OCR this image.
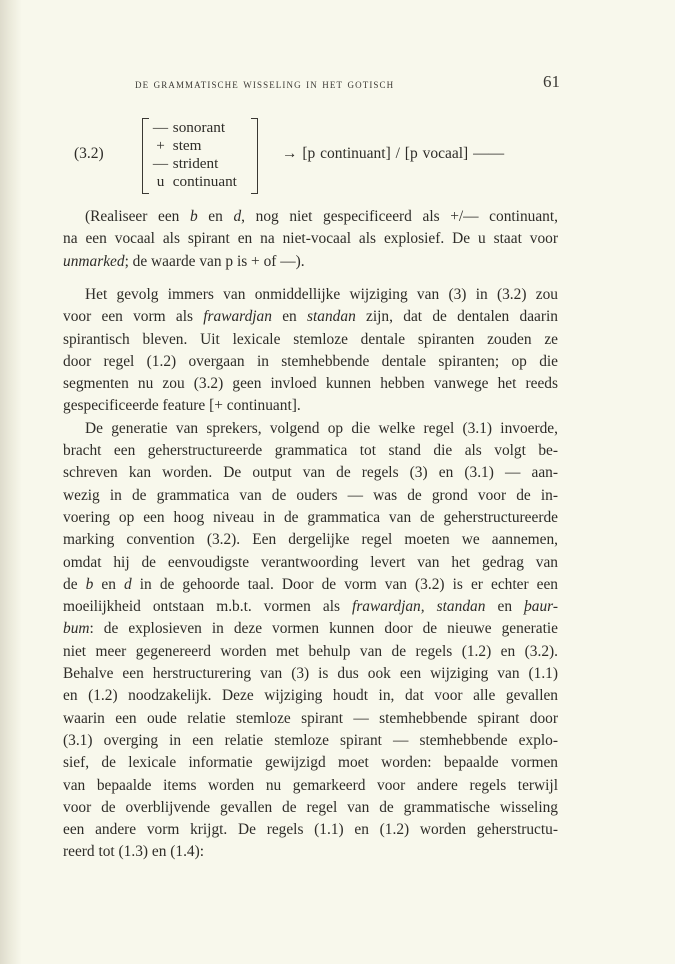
de grammatische wisseling in het gotisch	61
(3.2)
— sonorant
+ stem
— strident
u continuant
→ [p continuant] / [p vocaal] ——
(Realiseer een b en d, nog niet gespecificeerd als +/— continuant,
na een vocaal als spirant en na niet-vocaal als explosief. De u staat voor
unmarked; de waarde van p is + of —).
Het gevolg immers van onmiddellijke wijziging van (3) in (3.2) zou
voor een vorm als frawardjan en standan zijn, dat de dentalen daarin
spirantisch bleven. Uit lexicale stemloze dentale spiranten zouden ze
door regel (1.2) overgaan in stemhebbende dentale spiranten; op die
segmenten nu zou (3.2) geen invloed kunnen hebben vanwege het reeds
gespecificeerde feature [+ continuant].
De generatie van sprekers, volgend op die welke regel (3.1) invoerde,
bracht een geherstructureerde grammatica tot stand die als volgt be-
schreven kan worden. De output van de regels (3) en (3.1) — aan-
wezig in de grammatica van de ouders — was de grond voor de in-
voering op een hoog niveau in de grammatica van de geherstructureerde
marking convention (3.2). Een dergelijke regel moeten we aannemen,
omdat hij de eenvoudigste verantwoording levert van het gedrag van
de b en d in de gehoorde taal. Door de vorm van (3.2) is er echter een
moeilijkheid ontstaan m.b.t. vormen als frawardjan, standan en þaur-
bum: de explosieven in deze vormen kunnen door de nieuwe generatie
niet meer gegenereerd worden met behulp van de regels (1.2) en (3.2).
Behalve een herstructurering van (3) is dus ook een wijziging van (1.1)
en (1.2) noodzakelijk. Deze wijziging houdt in, dat voor alle gevallen
waarin een oude relatie stemloze spirant — stemhebbende spirant door
(3.1) overging in een relatie stemloze spirant — stemhebbende explo-
sief, de lexicale informatie gewijzigd moet worden: bepaalde vormen
van bepaalde items worden nu gemarkeerd voor andere regels terwijl
voor de overblijvende gevallen de regel van de grammatische wisseling
een andere vorm krijgt. De regels (1.1) en (1.2) worden geherstructu-
reerd tot (1.3) en (1.4):
